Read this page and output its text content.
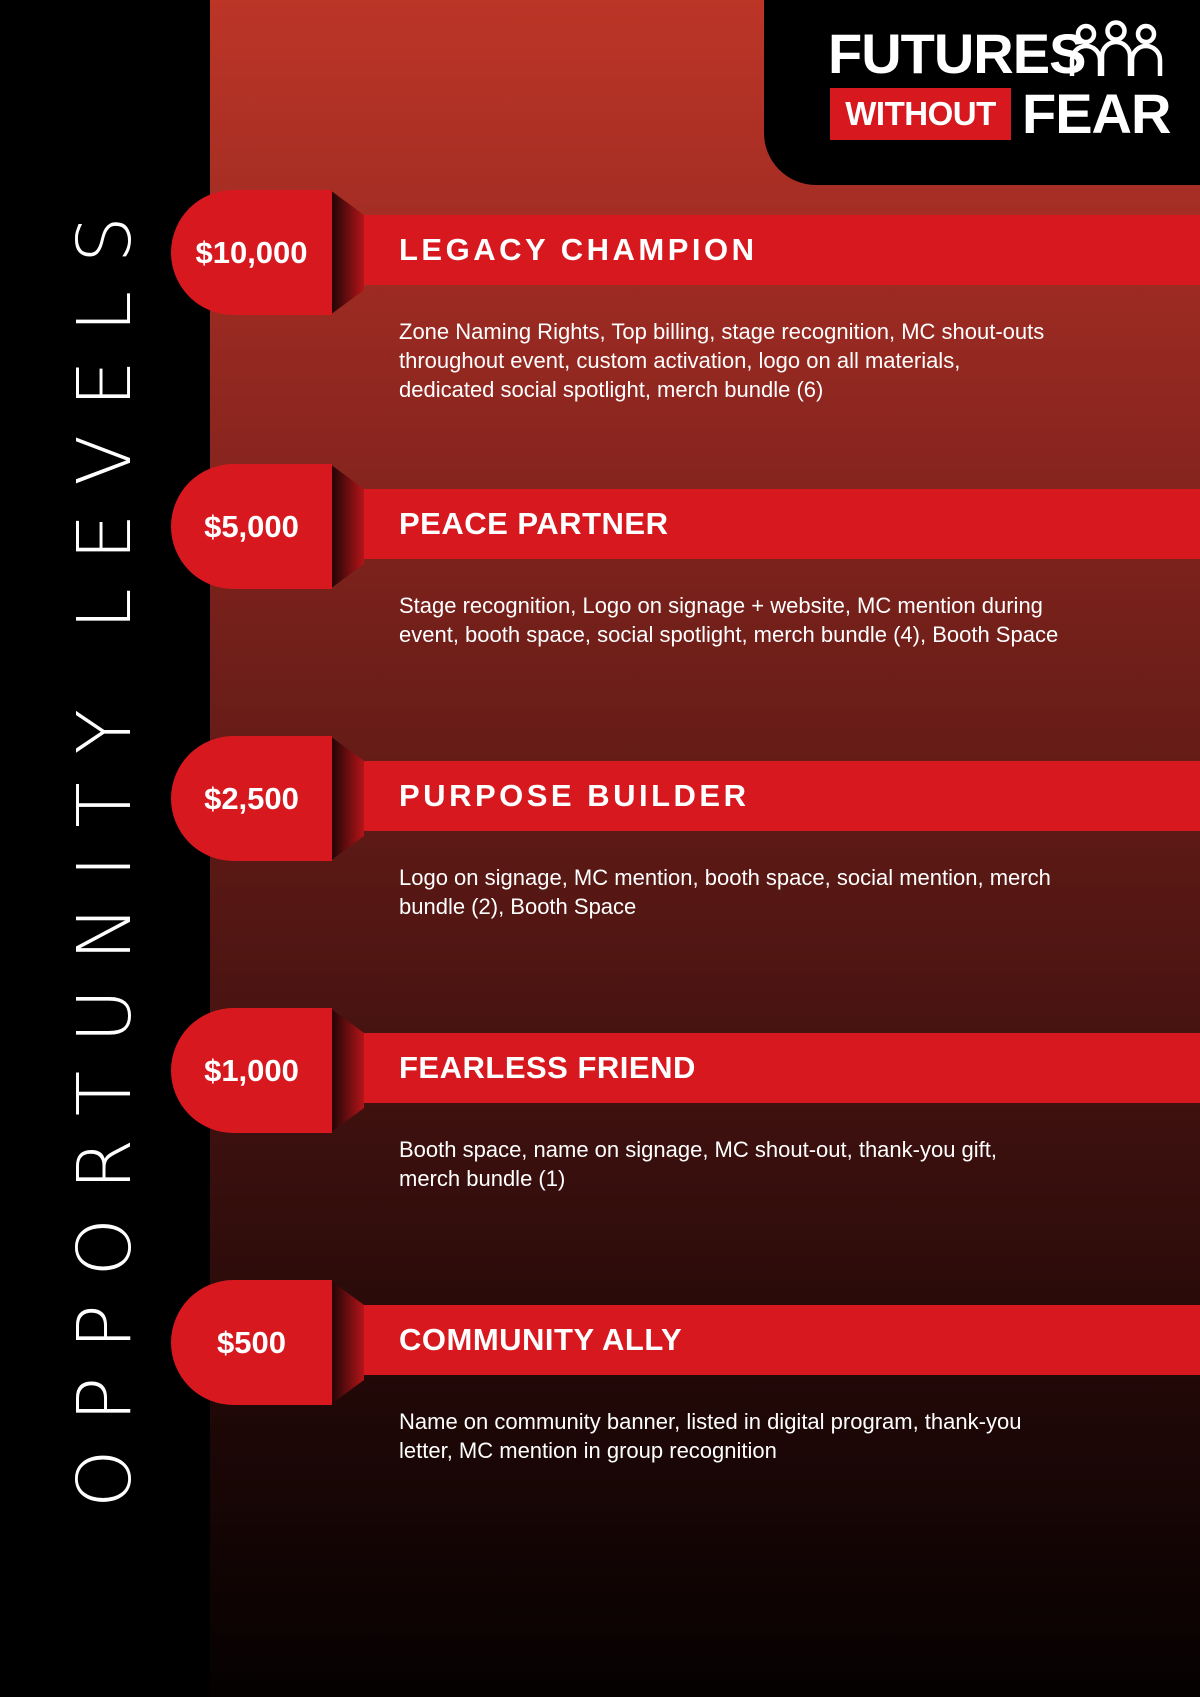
OPPORTUNITY LEVELS
FUTURES
WITHOUT FEAR
$10,000	LEGACY CHAMPION
Zone Naming Rights, Top billing, stage recognition, MC shout-outs throughout event, custom activation, logo on all materials, dedicated social spotlight, merch bundle (6)
$5,000	PEACE PARTNER
Stage recognition, Logo on signage + website, MC mention during event, booth space, social spotlight, merch bundle (4), Booth Space
$2,500	PURPOSE BUILDER
Logo on signage, MC mention, booth space, social mention, merch bundle (2), Booth Space
$1,000	FEARLESS FRIEND
Booth space, name on signage, MC shout-out, thank-you gift, merch bundle (1)
$500	COMMUNITY ALLY
Name on community banner, listed in digital program, thank-you letter, MC mention in group recognition
